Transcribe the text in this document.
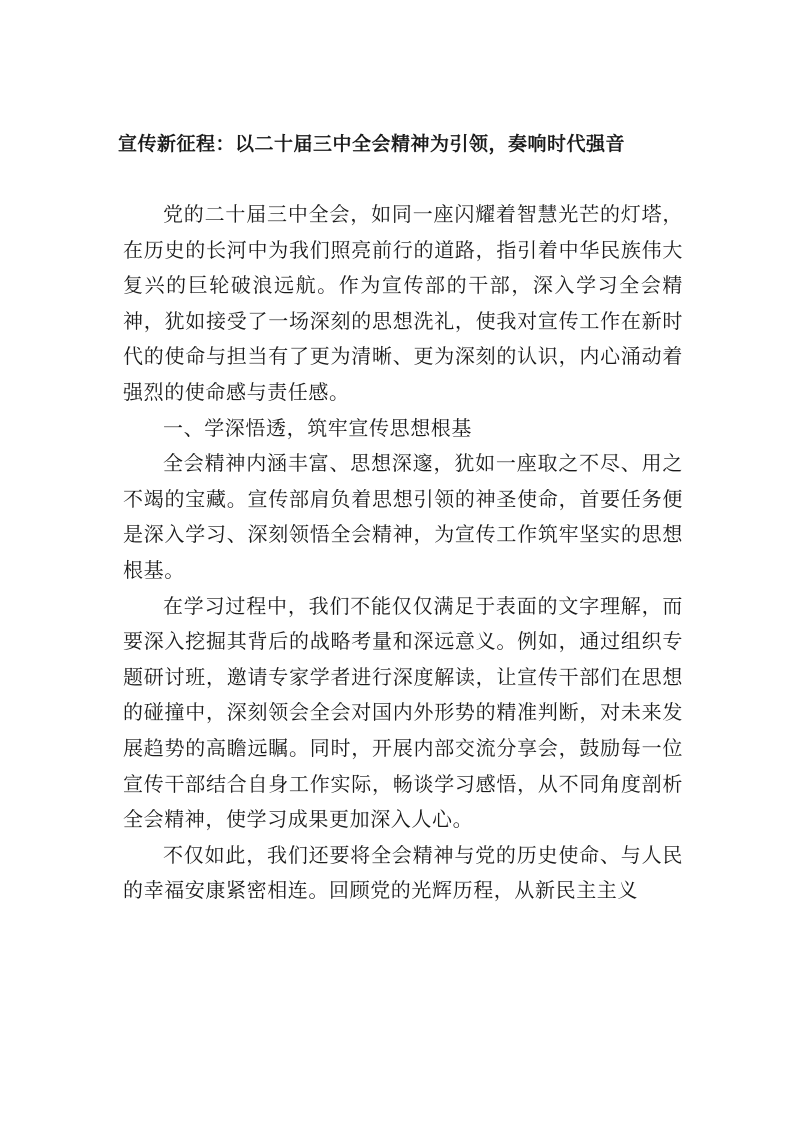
宣传新征程：以二十届三中全会精神为引领，奏响时代强音

党的二十届三中全会，如同一座闪耀着智慧光芒的灯塔，在历史的长河中为我们照亮前行的道路，指引着中华民族伟大复兴的巨轮破浪远航。作为宣传部的干部，深入学习全会精神，犹如接受了一场深刻的思想洗礼，使我对宣传工作在新时代的使命与担当有了更为清晰、更为深刻的认识，内心涌动着强烈的使命感与责任感。

一、学深悟透，筑牢宣传思想根基

全会精神内涵丰富、思想深邃，犹如一座取之不尽、用之不竭的宝藏。宣传部肩负着思想引领的神圣使命，首要任务便是深入学习、深刻领悟全会精神，为宣传工作筑牢坚实的思想根基。

在学习过程中，我们不能仅仅满足于表面的文字理解，而要深入挖掘其背后的战略考量和深远意义。例如，通过组织专题研讨班，邀请专家学者进行深度解读，让宣传干部们在思想的碰撞中，深刻领会全会对国内外形势的精准判断，对未来发展趋势的高瞻远瞩。同时，开展内部交流分享会，鼓励每一位宣传干部结合自身工作实际，畅谈学习感悟，从不同角度剖析全会精神，使学习成果更加深入人心。

不仅如此，我们还要将全会精神与党的历史使命、与人民的幸福安康紧密相连。回顾党的光辉历程，从新民主主义
